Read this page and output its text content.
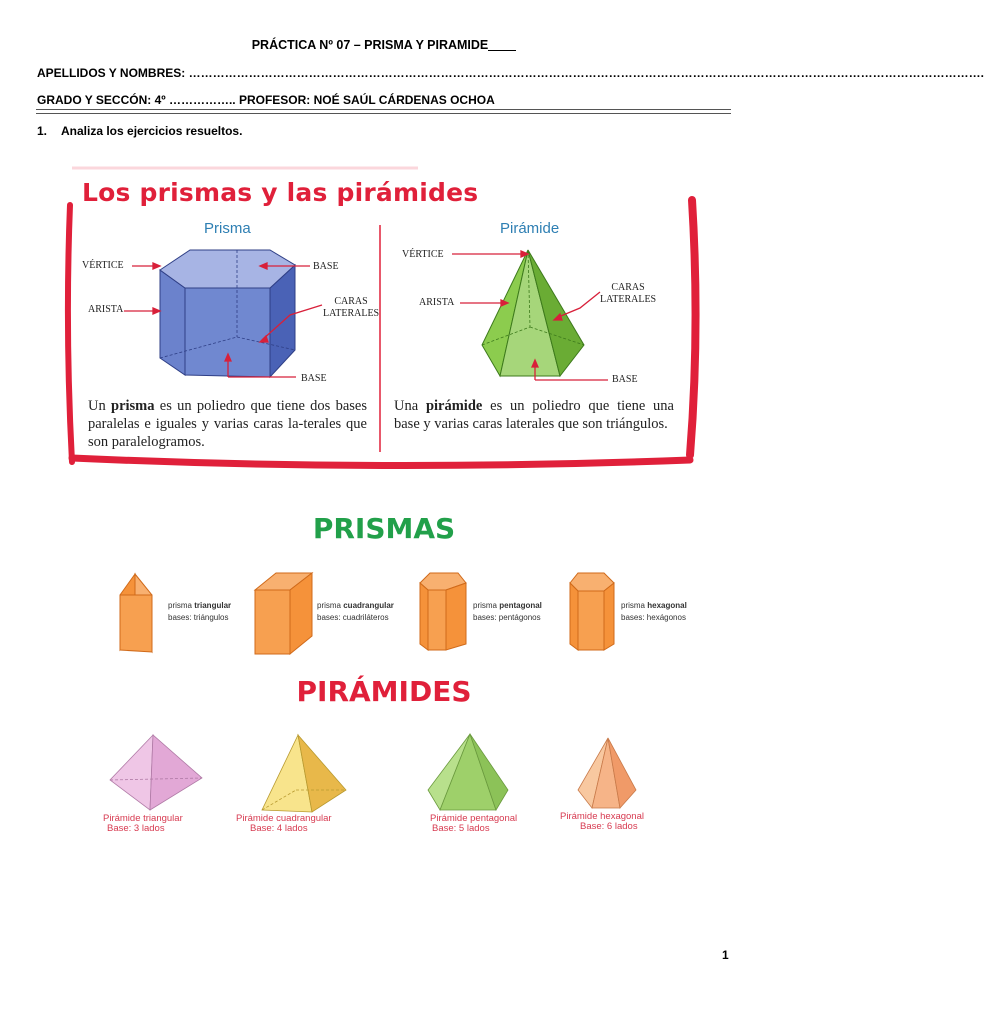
PRÁCTICA Nº 07 – PRISMA Y PIRAMIDE
APELLIDOS Y NOMBRES: ……………………………………………………………………………………………………………………………………………………………………………….
GRADO Y SECCÓN: 4º …………….. PROFESOR: NOÉ SAÚL CÁRDENAS OCHOA
1. Analiza los ejercicios resueltos.
Los prismas y las pirámides
Prisma
VÉRTICE	BASE
ARISTA
CARAS
LATERALES
BASE
Un prisma es un poliedro que tiene dos bases paralelas e iguales y varias caras la-terales que son paralelogramos.
Pirámide
VÉRTICE
ARISTA
CARAS
LATERALES
BASE
Una pirámide es un poliedro que tiene una base y varias caras laterales que son triángulos.
PRISMAS
prisma triangular
bases: triángulos
prisma cuadrangular
bases: cuadriláteros
prisma pentagonal
bases: pentágonos
prisma hexagonal
bases: hexágonos
PIRÁMIDES
Pirámide triangular
Base: 3 lados
Pirámide cuadrangular
Base: 4 lados
Pirámide pentagonal
Base: 5 lados
Pirámide hexagonal
Base: 6 lados
1
